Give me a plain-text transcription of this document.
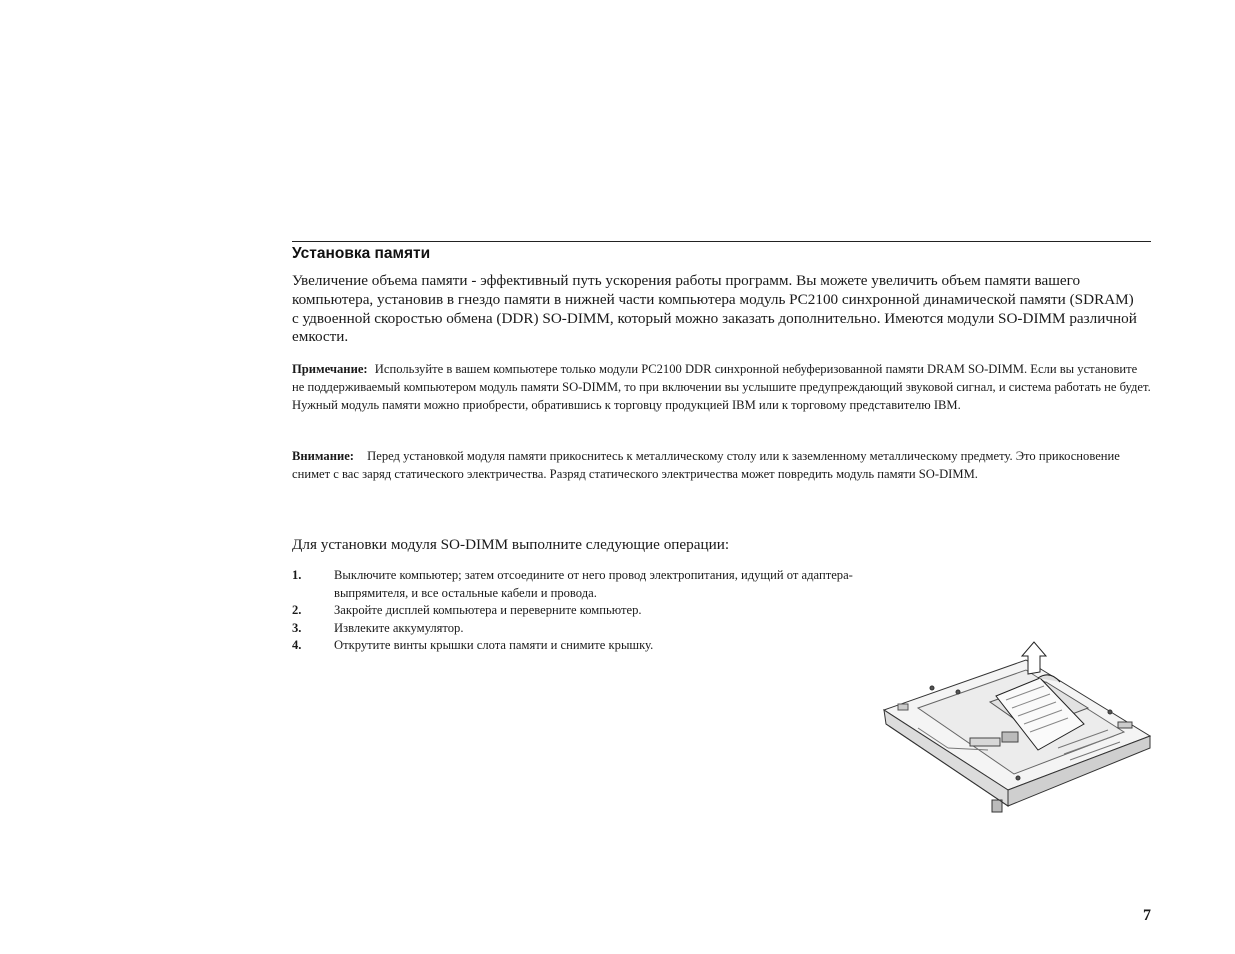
Установка памяти

Увеличение объема памяти - эффективный путь ускорения работы программ. Вы можете увеличить объем памяти вашего компьютера, установив в гнездо памяти в нижней части компьютера модуль PC2100 синхронной динамической памяти (SDRAM) с удвоенной скоростью обмена (DDR) SO-DIMM, который можно заказать дополнительно. Имеются модули SO-DIMM различной емкости.

Примечание: Используйте в вашем компьютере только модули PC2100 DDR синхронной небуферизованной памяти DRAM SO-DIMM. Если вы установите не поддерживаемый компьютером модуль памяти SO-DIMM, то при включении вы услышите предупреждающий звуковой сигнал, и система работать не будет. Нужный модуль памяти можно приобрести, обратившись к торговцу продукцией IBM или к торговому представителю IBM.
Внимание: Перед установкой модуля памяти прикоснитесь к металлическому столу или к заземленному металлическому предмету. Это прикосновение снимет с вас заряд статического электричества. Разряд статического электричества может повредить модуль памяти SO-DIMM.
Для установки модуля SO-DIMM выполните следующие операции:
1.	Выключите компьютер; затем отсоедините от него провод электропитания, идущий от адаптера-выпрямителя, и все остальные кабели и провода.
2.	Закройте дисплей компьютера и переверните компьютер.
3.	Извлеките аккумулятор.
4.	Открутите винты крышки слота памяти и снимите крышку.
7
